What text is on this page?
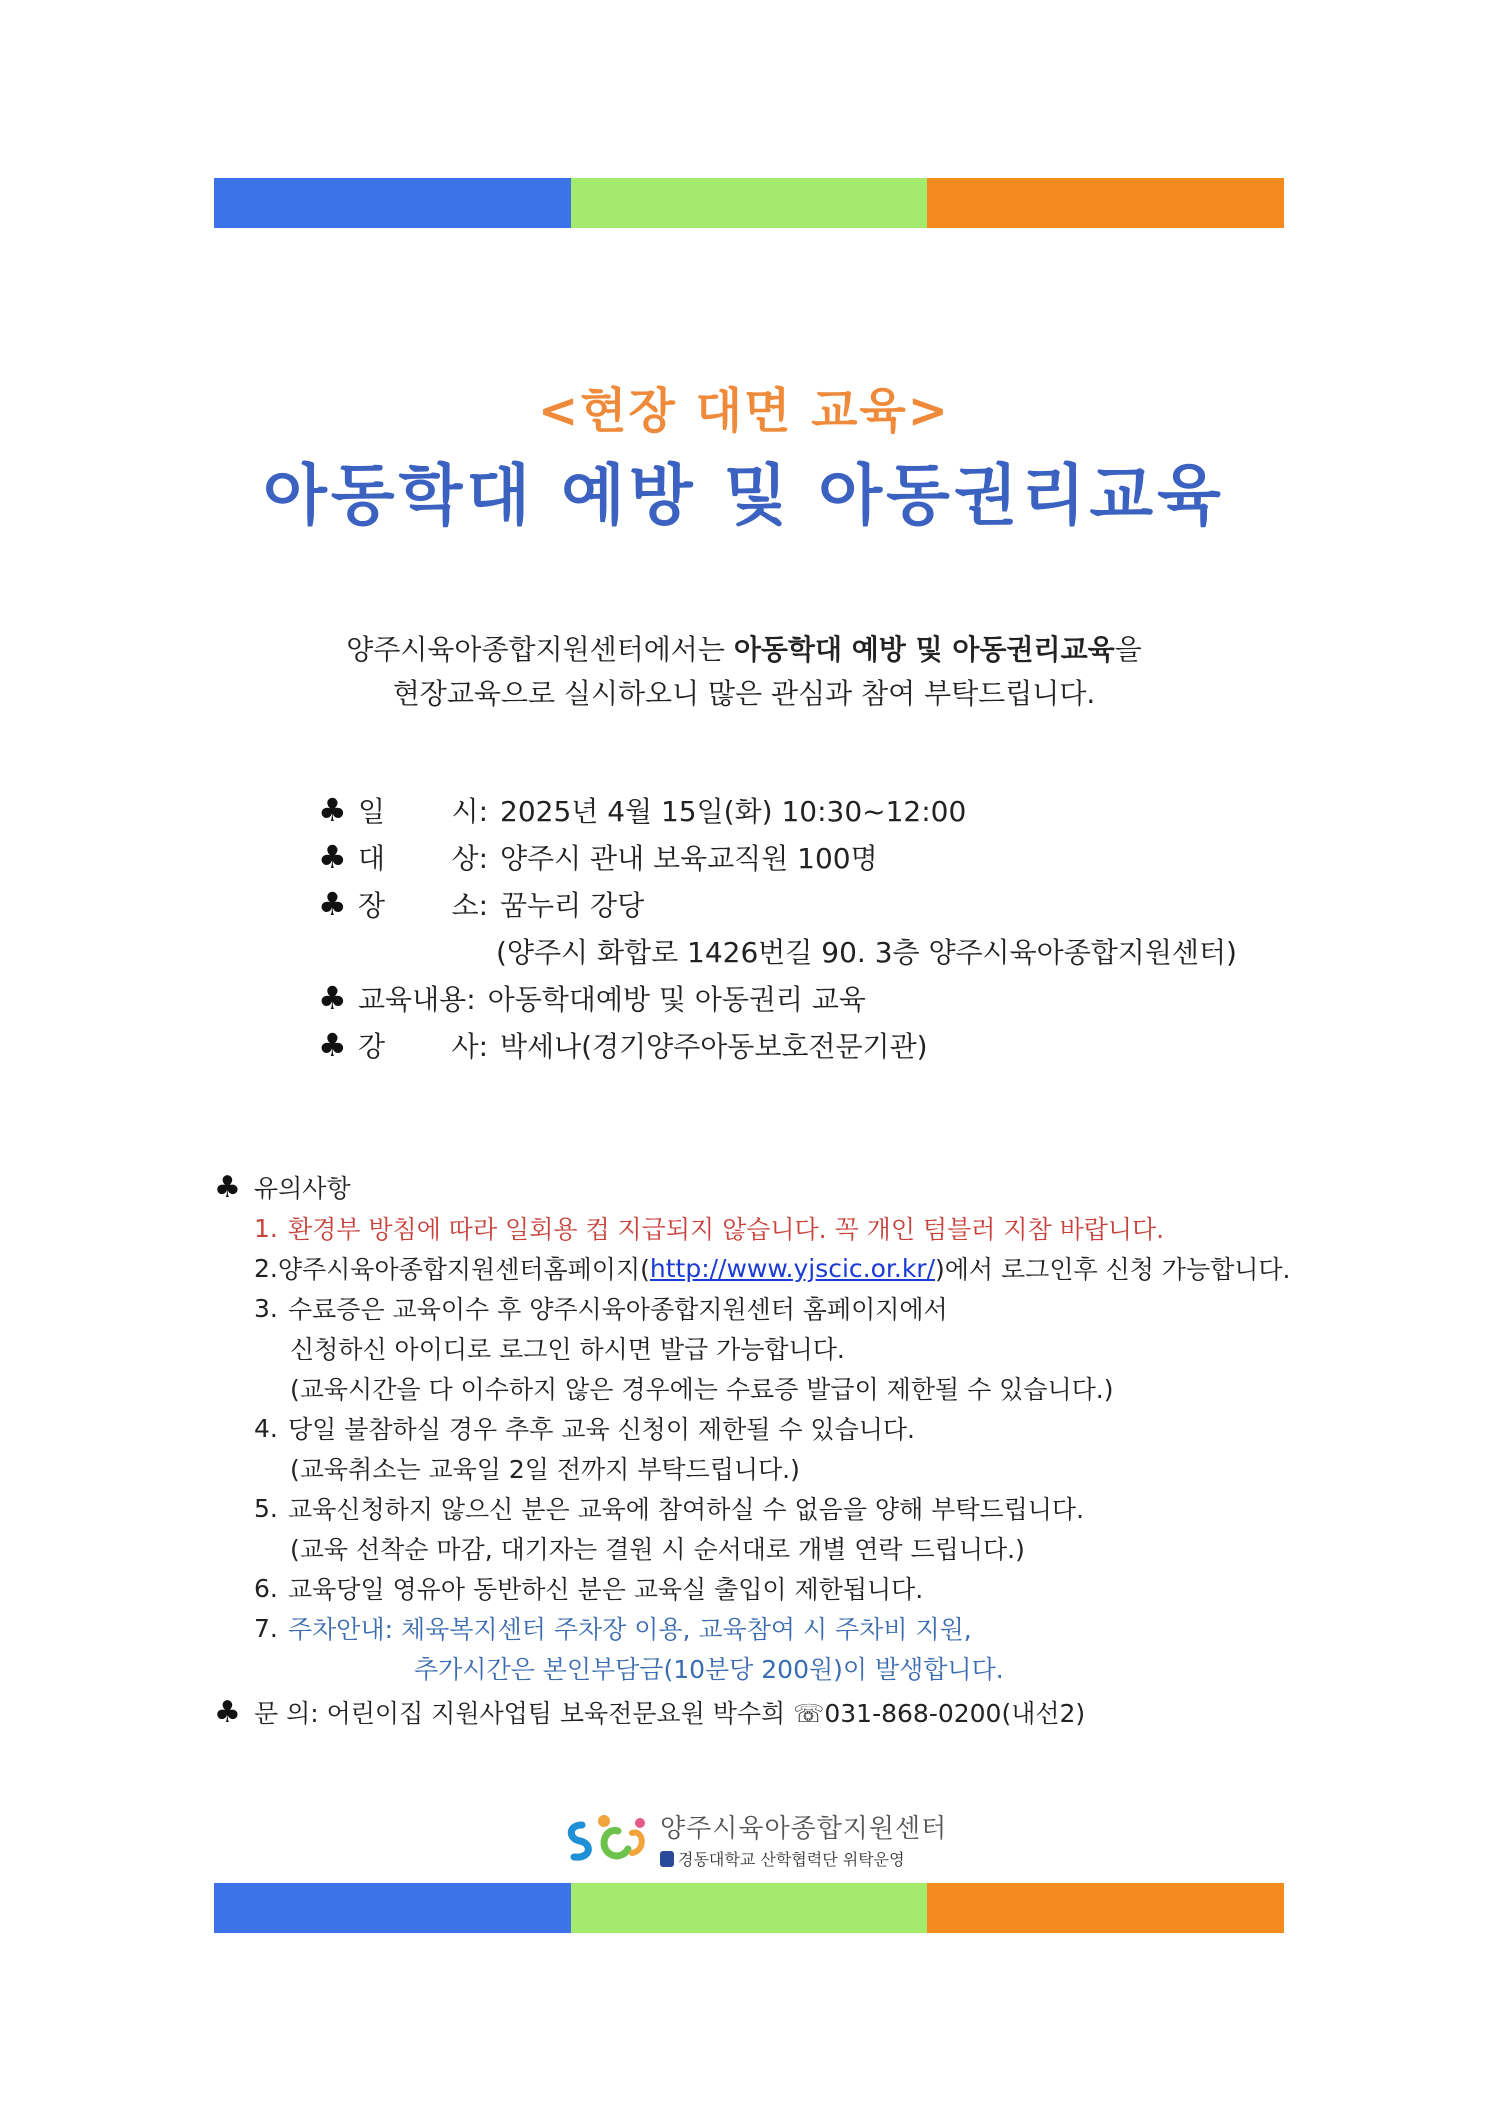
<현장 대면 교육>
아동학대 예방 및 아동권리교육
양주시육아종합지원센터에서는 아동학대 예방 및 아동권리교육을
현장교육으로 실시하오니 많은 관심과 참여 부탁드립니다.
♣ 일 시: 2025년 4월 15일(화) 10:30~12:00
♣ 대 상: 양주시 관내 보육교직원 100명
♣ 장 소: 꿈누리 강당
(양주시 화합로 1426번길 90. 3층 양주시육아종합지원센터)
♣ 교육내용: 아동학대예방 및 아동권리 교육
♣ 강 사: 박세나(경기양주아동보호전문기관)
♣ 유의사항
1. 환경부 방침에 따라 일회용 컵 지급되지 않습니다. 꼭 개인 텀블러 지참 바랍니다.
2. 양주시육아종합지원센터홈페이지( http://www.yjscic.or.kr/ )에서 로그인후 신청 가능합니다.
3. 수료증은 교육이수 후 양주시육아종합지원센터 홈페이지에서
신청하신 아이디로 로그인 하시면 발급 가능합니다.
(교육시간을 다 이수하지 않은 경우에는 수료증 발급이 제한될 수 있습니다.)
4. 당일 불참하실 경우 추후 교육 신청이 제한될 수 있습니다.
(교육취소는 교육일 2일 전까지 부탁드립니다.)
5. 교육신청하지 않으신 분은 교육에 참여하실 수 없음을 양해 부탁드립니다.
(교육 선착순 마감, 대기자는 결원 시 순서대로 개별 연락 드립니다.)
6. 교육당일 영유아 동반하신 분은 교육실 출입이 제한됩니다.
7. 주차안내: 체육복지센터 주차장 이용, 교육참여 시 주차비 지원,
추가시간은 본인부담금(10분당 200원)이 발생합니다.
♣ 문 의: 어린이집 지원사업팀 보육전문요원 박수희 ☏031-868-0200(내선2)
양주시육아종합지원센터
경동대학교 산학협력단 위탁운영
